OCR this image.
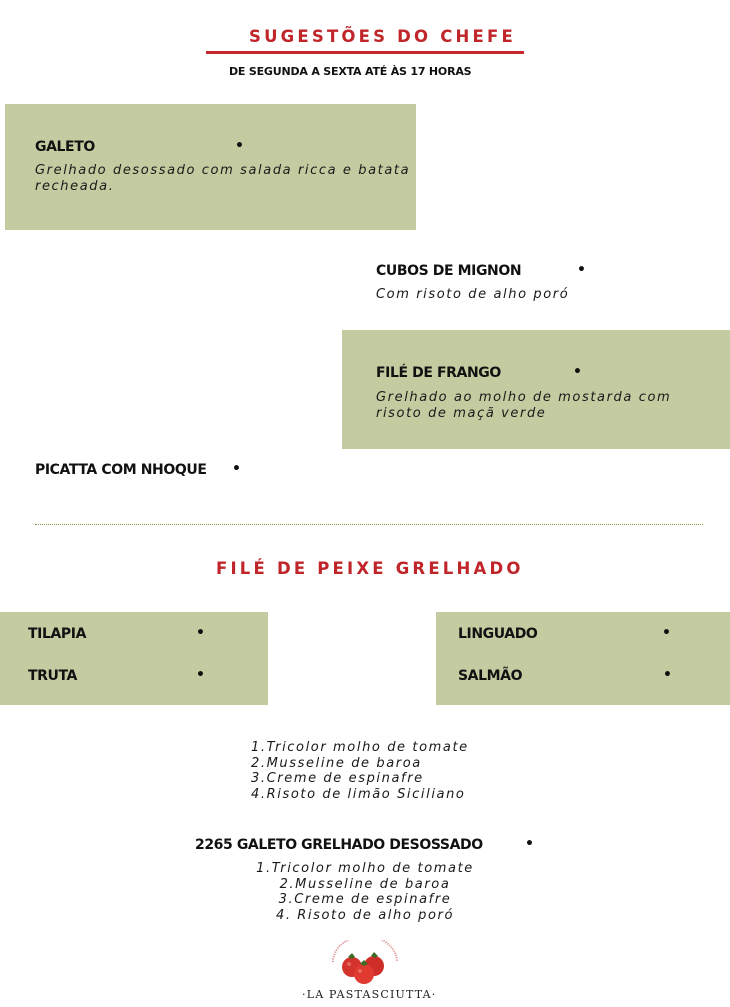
SUGESTÕES DO CHEFE
DE SEGUNDA A SEXTA ATÉ ÀS 17 HORAS
GALETO	•
Grelhado desossado com salada ricca e batata recheada.
CUBOS DE MIGNON	•
Com risoto de alho poró
FILÉ DE FRANGO	•
Grelhado ao molho de mostarda com risoto de maçã verde
PICATTA COM NHOQUE •
FILÉ DE PEIXE GRELHADO
TILAPIA	•
TRUTA	•
LINGUADO	•
SALMÃO	•
1.Tricolor molho de tomate
2.Musseline de baroa
3.Creme de espinafre
4.Risoto de limão Siciliano
2265 GALETO GRELHADO DESOSSADO	•
1.Tricolor molho de tomate
2.Musseline de baroa
3.Creme de espinafre
4. Risoto de alho poró
·LA PASTASCIUTTA·
